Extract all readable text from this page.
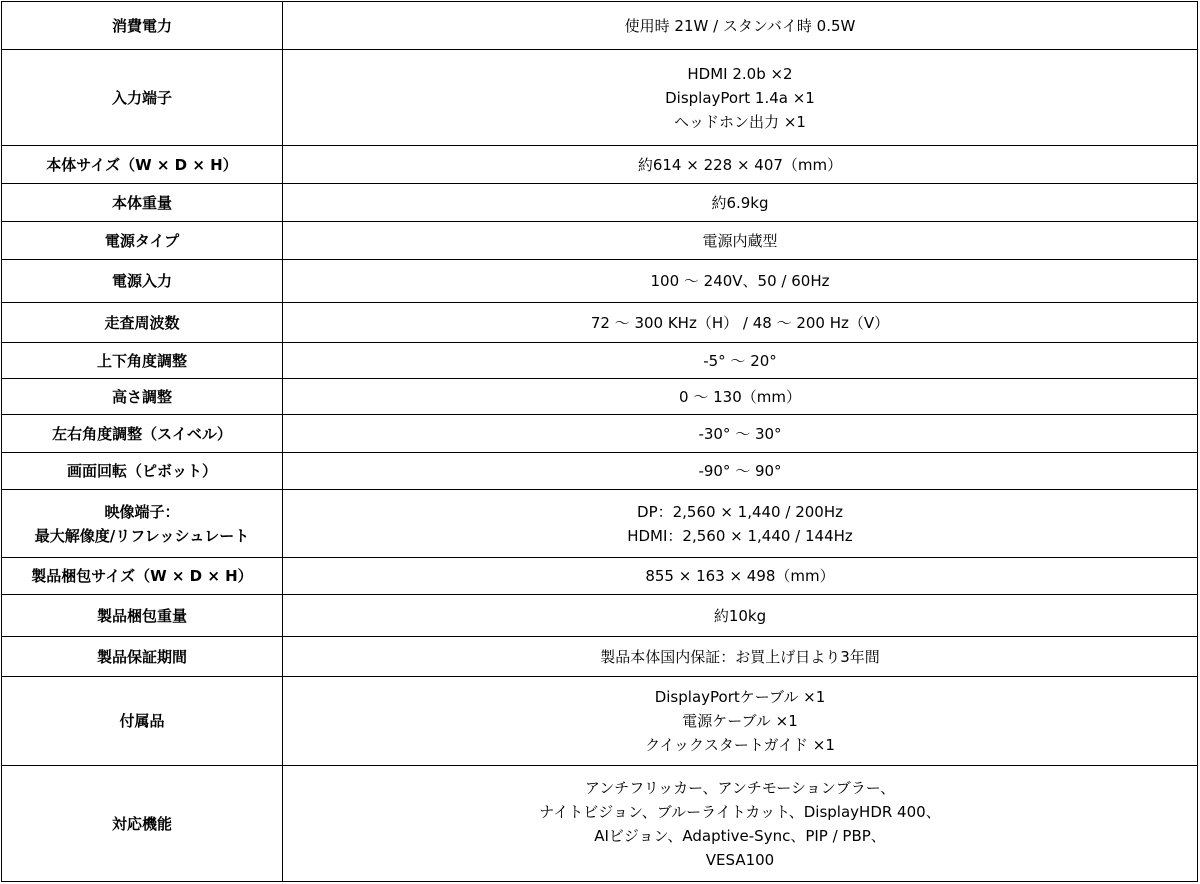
消費電力	使用時 21W / スタンバイ時 0.5W
入力端子	HDMI 2.0b ×2
DisplayPort 1.4a ×1
ヘッドホン出力 ×1
本体サイズ（W × D × H）	約614 × 228 × 407（mm）
本体重量	約6.9kg
電源タイプ	電源内蔵型
電源入力	100 ～ 240V、50 / 60Hz
走査周波数	72 ～ 300 KHz（H） / 48 ～ 200 Hz（V）
上下角度調整	-5° ～ 20°
高さ調整	0 ～ 130（mm）
左右角度調整（スイベル）	-30° ～ 30°
画面回転（ピボット）	-90° ～ 90°
映像端子：
最大解像度/リフレッシュレート	DP：2,560 × 1,440 / 200Hz
HDMI：2,560 × 1,440 / 144Hz
製品梱包サイズ（W × D × H）	855 × 163 × 498（mm）
製品梱包重量	約10kg
製品保証期間	製品本体国内保証：お買上げ日より3年間
付属品	DisplayPortケーブル ×1
電源ケーブル ×1
クイックスタートガイド ×1
対応機能	アンチフリッカー、アンチモーションブラー、
ナイトビジョン、ブルーライトカット、DisplayHDR 400、
AIビジョン、Adaptive-Sync、PIP / PBP、
VESA100
